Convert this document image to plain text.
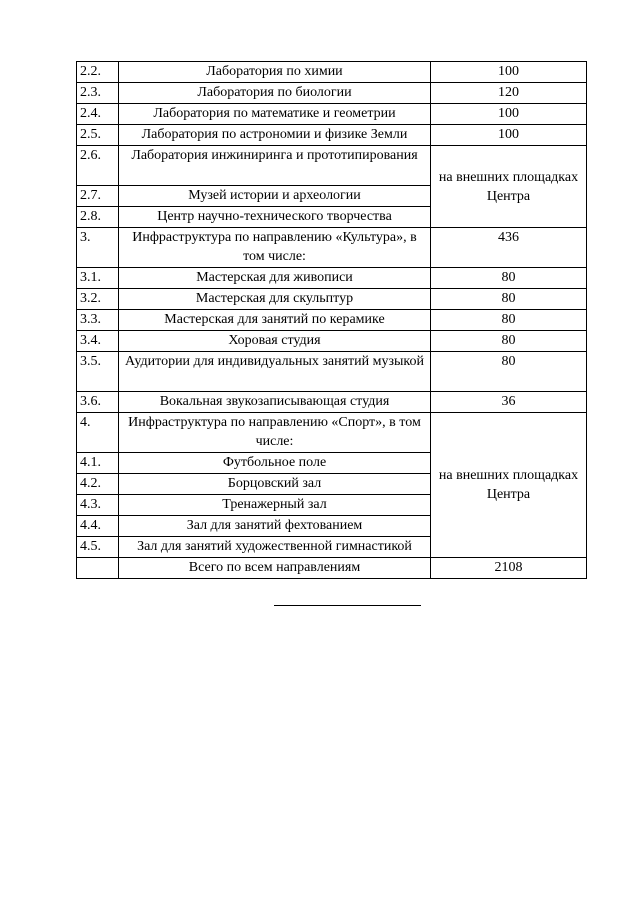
2.2.	Лаборатория по химии	100
2.3.	Лаборатория по биологии	120
2.4.	Лаборатория по математике и геометрии	100
2.5.	Лаборатория по астрономии и физике Земли	100
2.6.	Лаборатория инжиниринга и прототипирования	на внешних площадках Центра
2.7.	Музей истории и археологии	
2.8.	Центр научно-технического творчества	
3.	Инфраструктура по направлению «Культура», в том числе:	436
3.1.	Мастерская для живописи	80
3.2.	Мастерская для скульптур	80
3.3.	Мастерская для занятий по керамике	80
3.4.	Хоровая студия	80
3.5.	Аудитории для индивидуальных занятий музыкой	80
3.6.	Вокальная звукозаписывающая студия	36
4.	Инфраструктура по направлению «Спорт», в том числе:	на внешних площадках Центра
4.1.	Футбольное поле	
4.2.	Борцовский зал	
4.3.	Тренажерный зал	
4.4.	Зал для занятий фехтованием	
4.5.	Зал для занятий художественной гимнастикой	
	Всего по всем направлениям	2108
